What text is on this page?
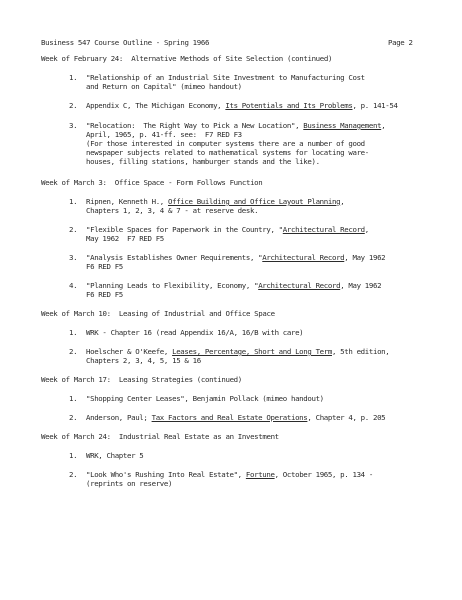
Business 547 Course Outline - Spring 1966	Page 2
Week of February 24:  Alternative Methods of Site Selection (continued)
1. "Relationship of an Industrial Site Investment to Manufacturing Cost
and Return on Capital" (mimeo handout)
2. Appendix C, The Michigan Economy, Its Potentials and Its Problems, p. 141-54
3. "Relocation:  The Right Way to Pick a New Location", Business Management,
April, 1965, p. 41-ff. see:  F7 RED F3
(For those interested in computer systems there are a number of good
newspaper subjects related to mathematical systems for locating ware-
houses, filling stations, hamburger stands and the like).
Week of March 3:  Office Space - Form Follows Function
1. Ripnen, Kenneth H., Office Building and Office Layout Planning,
Chapters 1, 2, 3, 4 & 7 - at reserve desk.
2. "Flexible Spaces for Paperwork in the Country, "Architectural Record,
May 1962  F7 RED F5
3. "Analysis Establishes Owner Requirements, "Architectural Record, May 1962
F6 RED F5
4. "Planning Leads to Flexibility, Economy, "Architectural Record, May 1962
F6 RED F5
Week of March 10:  Leasing of Industrial and Office Space
1. WRK - Chapter 16 (read Appendix 16/A, 16/B with care)
2. Hoelscher & O'Keefe, Leases, Percentage, Short and Long Term, 5th edition,
Chapters 2, 3, 4, 5, 15 & 16
Week of March 17:  Leasing Strategies (continued)
1. "Shopping Center Leases", Benjamin Pollack (mimeo handout)
2. Anderson, Paul; Tax Factors and Real Estate Operations, Chapter 4, p. 205
Week of March 24:  Industrial Real Estate as an Investment
1. WRK, Chapter 5
2. "Look Who's Rushing Into Real Estate", Fortune, October 1965, p. 134 -
(reprints on reserve)
